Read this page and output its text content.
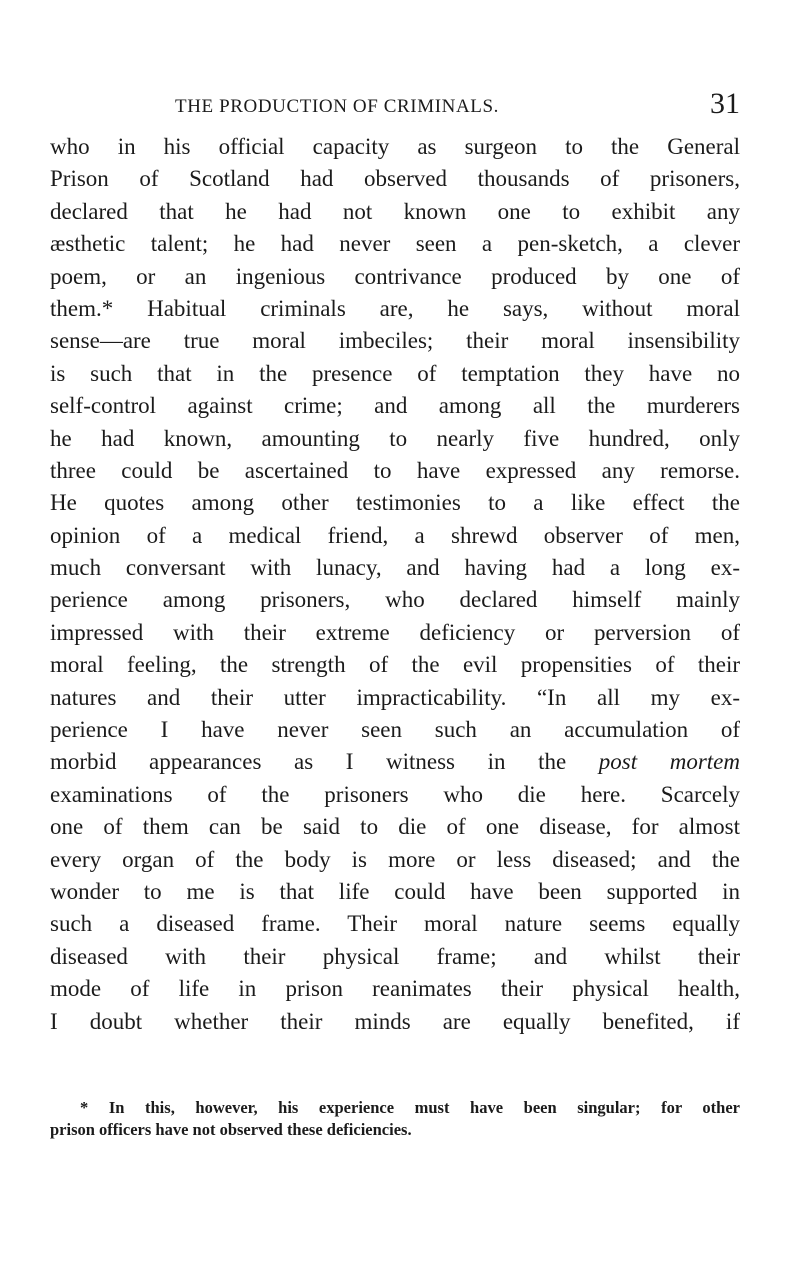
THE PRODUCTION OF CRIMINALS.	31
who in his official capacity as surgeon to the General
Prison of Scotland had observed thousands of prisoners,
declared that he had not known one to exhibit any
æsthetic talent; he had never seen a pen-sketch, a clever
poem, or an ingenious contrivance produced by one of
them.* Habitual criminals are, he says, without moral
sense—are true moral imbeciles; their moral insensibility
is such that in the presence of temptation they have no
self-control against crime; and among all the murderers
he had known, amounting to nearly five hundred, only
three could be ascertained to have expressed any remorse.
He quotes among other testimonies to a like effect the
opinion of a medical friend, a shrewd observer of men,
much conversant with lunacy, and having had a long ex-
perience among prisoners, who declared himself mainly
impressed with their extreme deficiency or perversion of
moral feeling, the strength of the evil propensities of their
natures and their utter impracticability. “In all my ex-
perience I have never seen such an accumulation of
morbid appearances as I witness in the post mortem
examinations of the prisoners who die here. Scarcely
one of them can be said to die of one disease, for almost
every organ of the body is more or less diseased; and the
wonder to me is that life could have been supported in
such a diseased frame. Their moral nature seems equally
diseased with their physical frame; and whilst their
mode of life in prison reanimates their physical health,
I doubt whether their minds are equally benefited, if
* In this, however, his experience must have been singular; for other
prison officers have not observed these deficiencies.
